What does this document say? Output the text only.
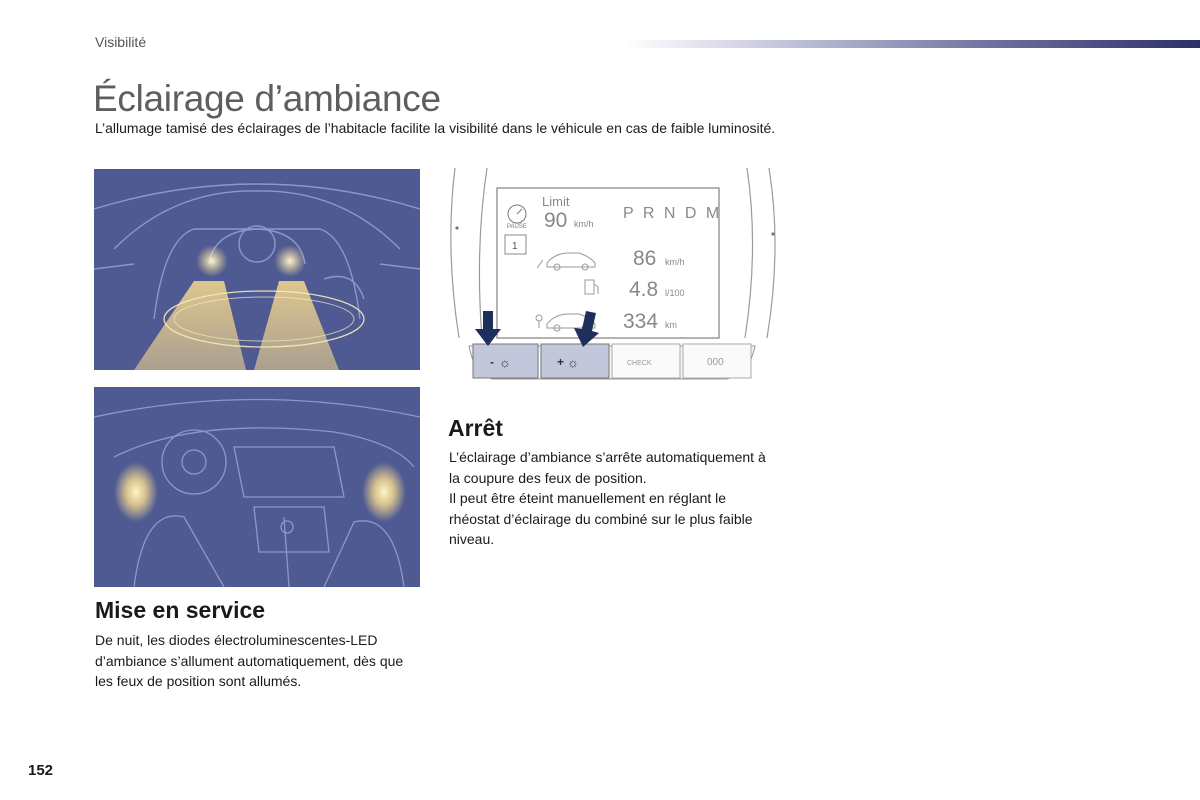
Visibilité
Éclairage d’ambiance

L’allumage tamisé des éclairages de l’habitacle facilite la visibilité dans le véhicule en cas de faible luminosité.

1
PAUSE
Limit
90 km/h
P R N D M
86 km/h
4.8 l/100
334 km
- ☼	+ ☼	CHECK	000
Arrêt
L’éclairage d’ambiance s’arrête automatiquement à la coupure des feux de position.
Il peut être éteint manuellement en réglant le rhéostat d’éclairage du combiné sur le plus faible niveau.
Mise en service

De nuit, les diodes électroluminescentes-LED d’ambiance s’allument automatiquement, dès que les feux de position sont allumés.

152
